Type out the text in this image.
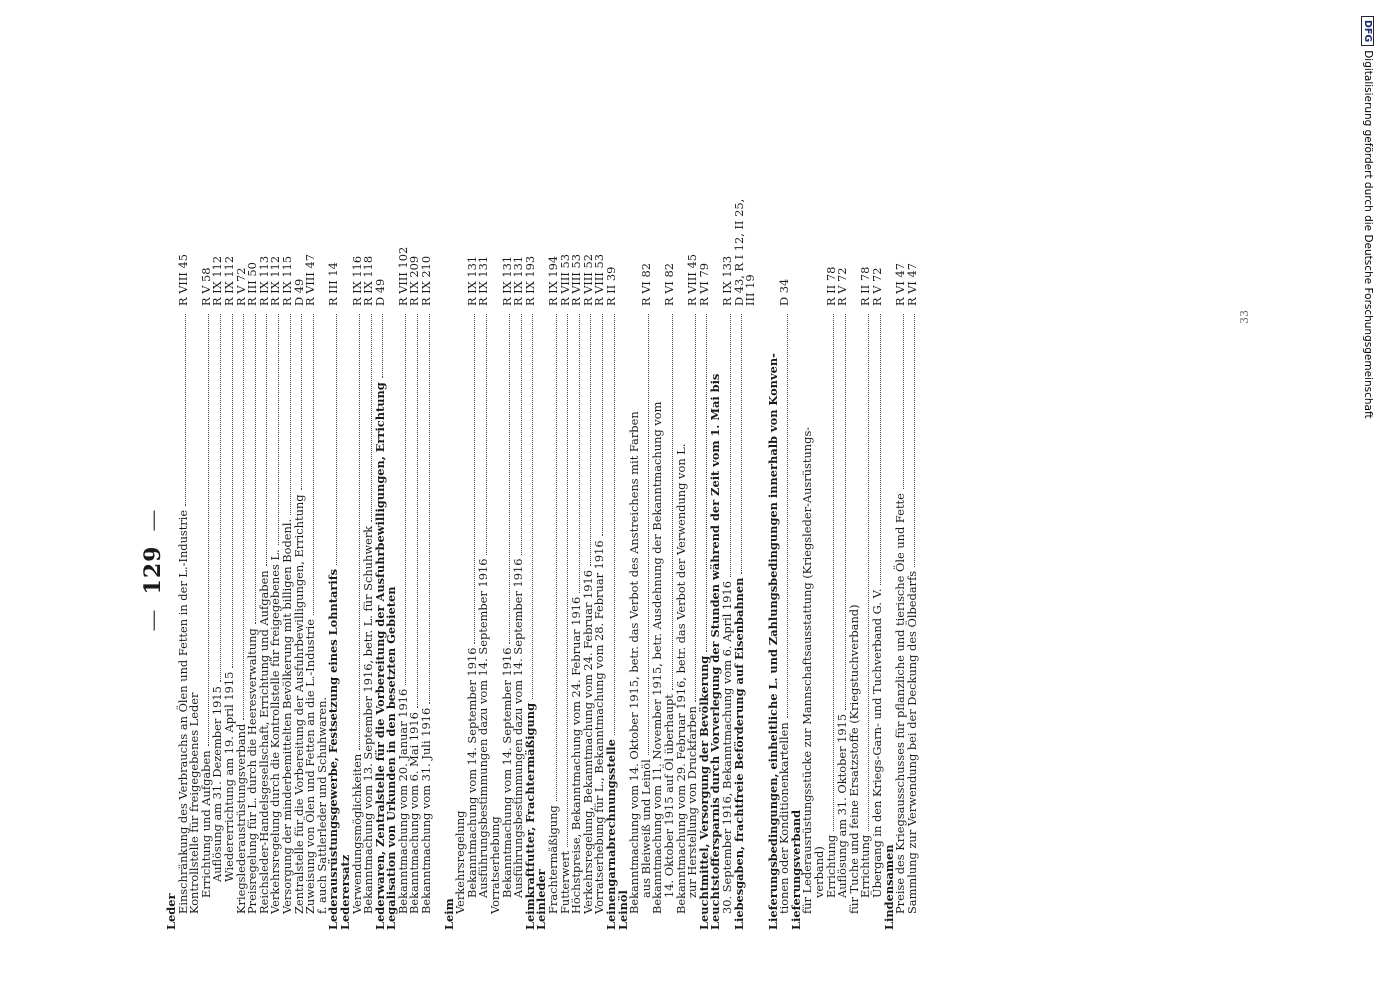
—129—
Leder
Einschränkung des Verbrauchs an Ölen und Fetten in der L.-Industrie
R VIII 45
Kontrollstelle für freigegebenes Leder
Errichtung und Aufgaben
R V 58
Auflösung am 31. Dezember 1915
R IX 112
Wiedererrichtung am 19. April 1915
R IX 112
Kriegslederaustrüstungsverband
R V 72
Preisregelung für L. durch die Heeresverwaltung
R III 50
Reichsleder-Handelsgesellschaft, Errichtung und Aufgaben
R IX 113
Verkehrsregelung durch die Kontrollstelle für freigegebenes L.
R IX 112
Versorgung der minderbemittelten Bevölkerung mit billigen Bodenl.
R IX 115
Zentralstelle für die Vorbereitung der Ausfuhrbewilligungen, Errichtung
D 49
Zuweisung von Ölen und Fetten an die L.-Industrie
R VIII 47
f. auch Sattlerleder und Schuhwaren.
Lederausrüstungsgewerbe, Festsetzung eines Lohntarifs
R III 14
Lederersatz
Verwendungsmöglichkeiten
R IX 116
Bekanntmachung vom 13. September 1916, betr. L. für Schuhwerk
R IX 118
Lederwaren, Zentralstelle für die Vorbereitung der Ausfuhrbewilligungen, Errichtung
D 49
Legalisation von Urkunden in den besetzten Gebieten
Bekanntmachung vom 20. Januar 1916
R VIII 102
Bekanntmachung vom 6. Mai 1916
R IX 209
Bekanntmachung vom 31. Juli 1916
R IX 210
Leim
Verkehrsregelung
Bekanntmachung vom 14. September 1916
R IX 131
Ausführungsbestimmungen dazu vom 14. September 1916
R IX 131
Vorratserhebung
Bekanntmachung vom 14. September 1916
R IX 131
Ausführungsbestimmungen dazu vom 14. September 1916
R IX 131
Leimkraftfutter, Frachtermäßigung
R IX 193
Leinleder
Frachtermäßigung
R IX 194
Futterwert
R VIII 53
Höchstpreise, Bekanntmachung vom 24. Februar 1916
R VIII 53
Verkehrsregelung, Bekanntmachung vom 24. Februar 1916
R VIII 52
Vorratserhebung für L., Bekanntmachung vom 28. Februar 1916
R VIII 53
Leinengarnabrechnungsstelle
R II 39
Leinöl
Bekanntmachung vom 14. Oktober 1915, betr. das Verbot des Anstreichens mit Farben
aus Bleiweiß und Leinöl
R VI 82
Bekanntmachung vom 11. November 1915, betr. Ausdehnung der Bekanntmachung vom
14. Oktober 1915 auf Öl überhaupt
R VI 82
Bekanntmachung vom 29. Februar 1916, betr. das Verbot der Verwendung von L.
zur Herstellung von Druckfarben
R VIII 45
Leuchtmittel, Versorgung der Bevölkerung
R VI 79
Leuchtstoffersparnis durch Vorverlegung der Stunden während der Zeit vom 1. Mai bis
30. September 1916, Bekanntmachung vom 6. April 1916
R IX 133
Liebesgaben, frachtfreie Beförderung auf Eisenbahnen
D 43, R I 12, II 25,
III 19
Lieferungsbedingungen, einheitliche L. und Zahlungsbedingungen innerhalb von Konven-
tionen oder Konditionenkartellen
D 34
Lieferungsverband
für Lederausrüstungsstücke zur Mannschaftsausstattung (Kriegsleder-Ausrüstungs-
verband)
Errichtung
R II 78
Auflösung am 31. Oktober 1915
R V 72
für Tuche und feine Ersatzstoffe (Kriegstuchverband)
Errichtung
R II 78
Übergang in den Kriegs-Garn- und Tuchverband G. V.
R V 72
Lindensamen
Preise des Kriegsausschusses für pflanzliche und tierische Öle und Fette
R VI 47
Sammlung zur Verwendung bei der Deckung des Ölbedarfs
R VI 47
33
DFGDigitalisierung gefördert durch die Deutsche Forschungsgemeinschaft
